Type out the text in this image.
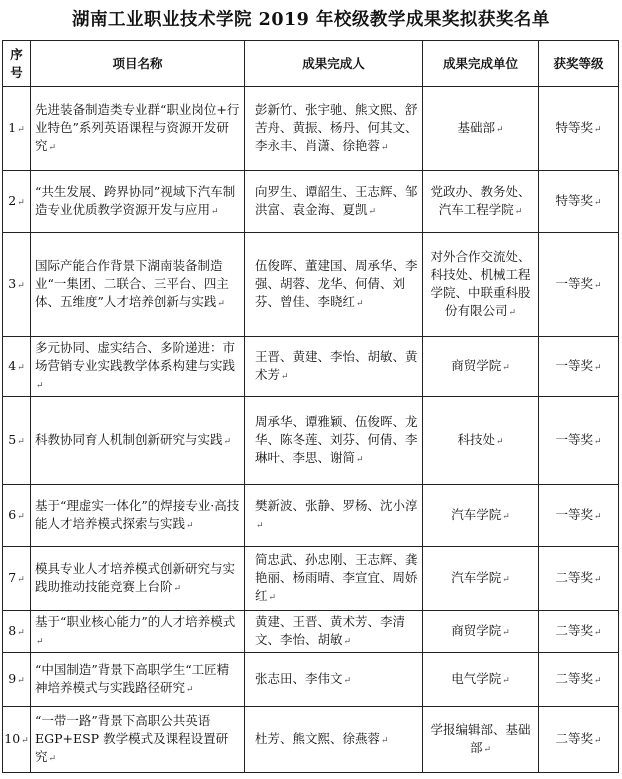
湖南工业职业技术学院 2019 年校级教学成果奖拟获奖名单
序号	项目名称	成果完成人	成果完成单位	获奖等级
1↵	先进装备制造类专业群“职业岗位+行业特色”系列英语课程与资源开发研究↵	彭新竹、张宇驰、熊文熙、舒苦舟、黄振、杨丹、何其文、李永丰、肖潇、徐艳蓉↵	基础部↵	特等奖↵
2↵	“共生发展、跨界协同”视域下汽车制造专业优质教学资源开发与应用↵	向罗生、谭韶生、王志辉、邹洪富、袁金海、夏凯↵	党政办、教务处、汽车工程学院↵	特等奖↵
3↵	国际产能合作背景下湖南装备制造业“一集团、二联合、三平台、四主体、五维度”人才培养创新与实践↵	伍俊晖、董建国、周承华、李强、胡蓉、龙华、何倩、刘芬、曾佳、李晓红↵	对外合作交流处、科技处、机械工程学院、中联重科股份有限公司↵	一等奖↵
4↵	多元协同、虚实结合、多阶递进：市场营销专业实践教学体系构建与实践↵	王晋、黄建、李怡、胡敏、黄术芳↵	商贸学院↵	一等奖↵
5↵	科教协同育人机制创新研究与实践↵	周承华、谭雅颖、伍俊晖、龙华、陈冬莲、刘芬、何倩、李琳叶、李思、谢简↵	科技处↵	一等奖↵
6↵	基于“理虚实一体化”的焊接专业·高技能人才培养模式探索与实践↵	樊新波、张静、罗杨、沈小淳↵	汽车学院↵	一等奖↵
7↵	模具专业人才培养模式创新研究与实践助推动技能竞赛上台阶↵	简忠武、孙忠刚、王志辉、龚艳丽、杨雨晴、李宣宜、周娇红↵	汽车学院↵	二等奖↵
8↵	基于“职业核心能力”的人才培养模式↵	黄建、王晋、黄术芳、李清文、李怡、胡敏↵	商贸学院↵	二等奖↵
9↵	“中国制造”背景下高职学生“工匠精神培养模式与实践路径研究↵	张志田、李伟文↵	电气学院↵	二等奖↵
10↵	“一带一路”背景下高职公共英语 EGP+ESP 教学模式及课程设置研究↵	杜芳、熊文熙、徐燕蓉↵	学报编辑部、基础部↵	二等奖↵
